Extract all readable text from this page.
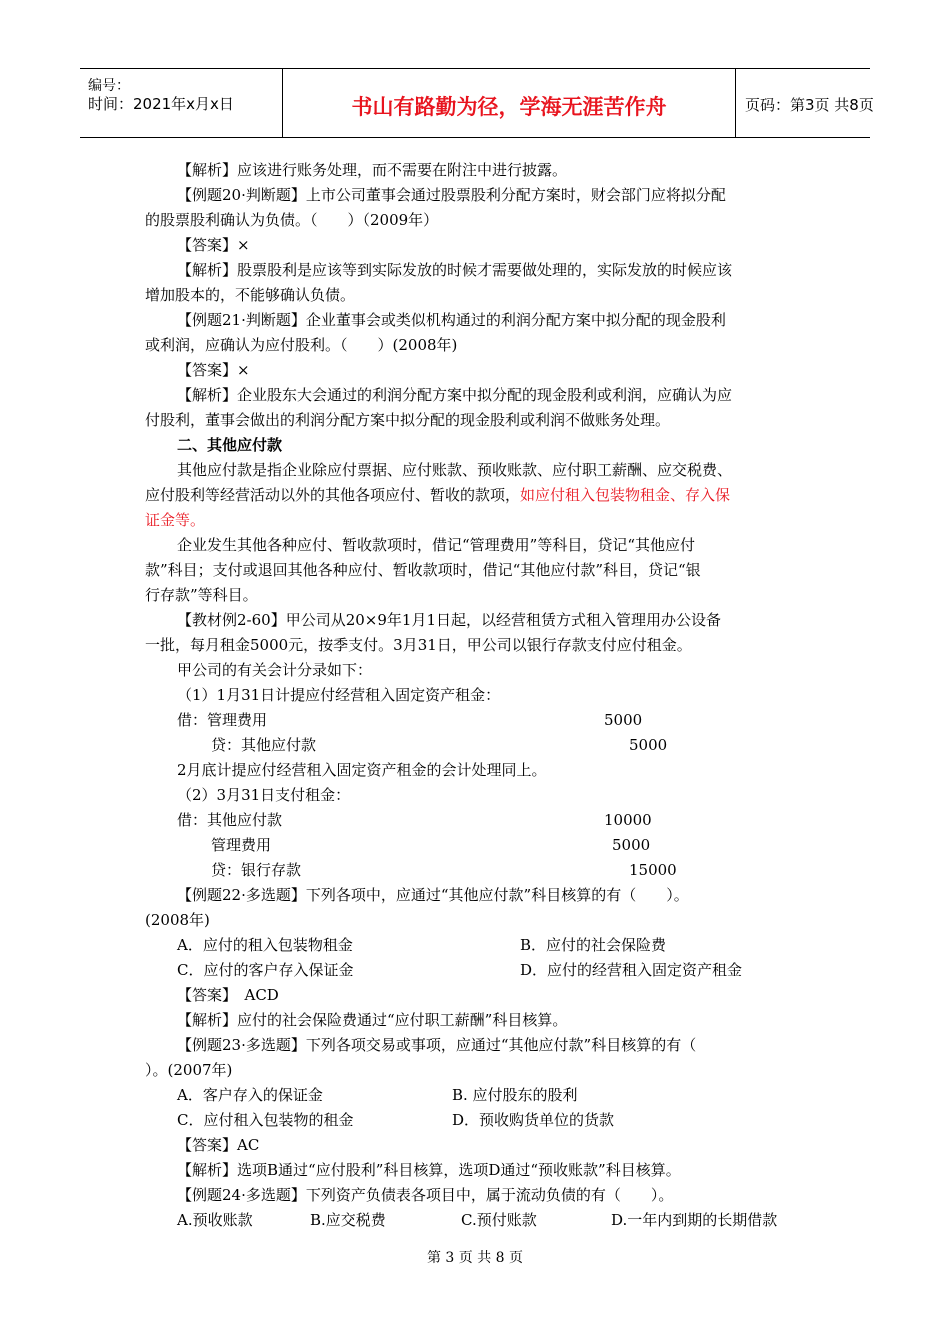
编号：
时间：2021年x月x日	书山有路勤为径，学海无涯苦作舟	页码：第3页 共8页
【解析】应该进行账务处理，而不需要在附注中进行披露。
【例题20·判断题】上市公司董事会通过股票股利分配方案时，财会部门应将拟分配
的股票股利确认为负债。（　　）（2009年）
【答案】×
【解析】股票股利是应该等到实际发放的时候才需要做处理的，实际发放的时候应该
增加股本的，不能够确认负债。
【例题21·判断题】企业董事会或类似机构通过的利润分配方案中拟分配的现金股利
或利润，应确认为应付股利。（　　）(2008年)
【答案】×
【解析】企业股东大会通过的利润分配方案中拟分配的现金股利或利润，应确认为应
付股利，董事会做出的利润分配方案中拟分配的现金股利或利润不做账务处理。
二、其他应付款
其他应付款是指企业除应付票据、应付账款、预收账款、应付职工薪酬、应交税费、
应付股利等经营活动以外的其他各项应付、暂收的款项，如应付租入包装物租金、存入保
证金等。
企业发生其他各种应付、暂收款项时，借记“管理费用”等科目，贷记“其他应付
款”科目；支付或退回其他各种应付、暂收款项时，借记“其他应付款”科目，贷记“银
行存款”等科目。
【教材例2-60】甲公司从20×9年1月1日起，以经营租赁方式租入管理用办公设备
一批，每月租金5000元，按季支付。3月31日，甲公司以银行存款支付应付租金。
甲公司的有关会计分录如下：
（1）1月31日计提应付经营租入固定资产租金：
借：管理费用	5000
贷：其他应付款	5000
2月底计提应付经营租入固定资产租金的会计处理同上。
（2）3月31日支付租金：
借：其他应付款	10000
管理费用	5000
贷：银行存款	15000
【例题22·多选题】下列各项中，应通过“其他应付款”科目核算的有（　　）。
(2008年)
A．应付的租入包装物租金	B．应付的社会保险费
C．应付的客户存入保证金	D．应付的经营租入固定资产租金
【答案】　ACD
【解析】应付的社会保险费通过“应付职工薪酬”科目核算。
【例题23·多选题】下列各项交易或事项，应通过“其他应付款”科目核算的有（
）。(2007年)
A．客户存入的保证金	B. 应付股东的股利
C．应付租入包装物的租金	D．预收购货单位的货款
【答案】AC
【解析】选项B通过“应付股利”科目核算，选项D通过“预收账款”科目核算。
【例题24·多选题】下列资产负债表各项目中，属于流动负债的有（　　）。
A.预收账款	B.应交税费	C.预付账款	D.一年内到期的长期借款
第 3 页 共 8 页
